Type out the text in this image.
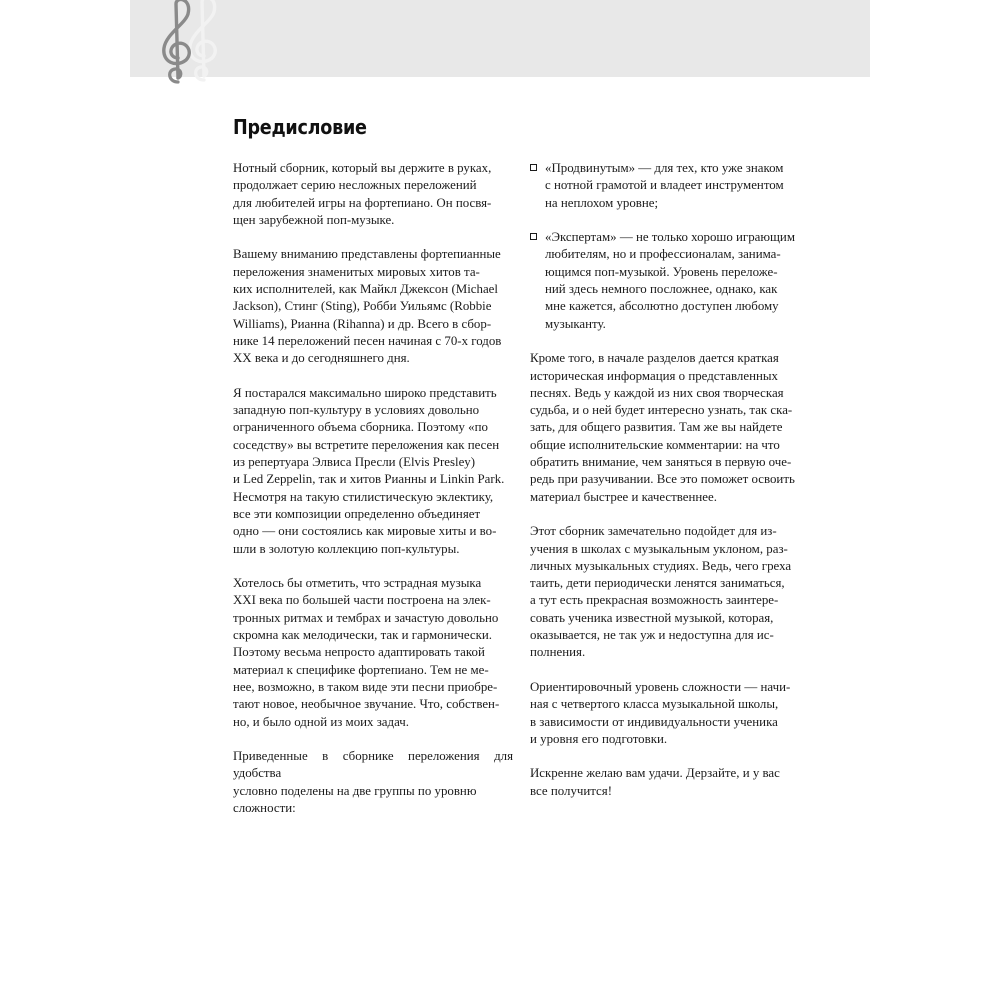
Предисловие

Нотный сборник, который вы держите в руках,
продолжает серию несложных переложений
для любителей игры на фортепиано. Он посвя-
щен зарубежной поп-музыке.

Вашему вниманию представлены фортепианные
переложения знаменитых мировых хитов та-
ких исполнителей, как Майкл Джексон (Michael
Jackson), Стинг (Sting), Робби Уильямс (Robbie
Williams), Рианна (Rihanna) и др. Всего в сбор-
нике 14 переложений песен начиная с 70-х годов
XX века и до сегодняшнего дня.

Я постарался максимально широко представить
западную поп-культуру в условиях довольно
ограниченного объема сборника. Поэтому «по
соседству» вы встретите переложения как песен
из репертуара Элвиса Пресли (Elvis Presley)
и Led Zeppelin, так и хитов Рианны и Linkin Park.
Несмотря на такую стилистическую эклектику,
все эти композиции определенно объединяет
одно — они состоялись как мировые хиты и во-
шли в золотую коллекцию поп-культуры.

Хотелось бы отметить, что эстрадная музыка
XXI века по большей части построена на элек-
тронных ритмах и тембрах и зачастую довольно
скромна как мелодически, так и гармонически.
Поэтому весьма непросто адаптировать такой
материал к специфике фортепиано. Тем не ме-
нее, возможно, в таком виде эти песни приобре-
тают новое, необычное звучание. Что, собствен-
но, и было одной из моих задач.

Приведенные в сборнике переложения для удобства
условно поделены на две группы по уровню
сложности:

«Продвинутым» — для тех, кто уже знаком
с нотной грамотой и владеет инструментом
на неплохом уровне;

«Экспертам» — не только хорошо играющим
любителям, но и профессионалам, занима-
ющимся поп-музыкой. Уровень переложе-
ний здесь немного посложнее, однако, как
мне кажется, абсолютно доступен любому
музыканту.

Кроме того, в начале разделов дается краткая
историческая информация о представленных
песнях. Ведь у каждой из них своя творческая
судьба, и о ней будет интересно узнать, так ска-
зать, для общего развития. Там же вы найдете
общие исполнительские комментарии: на что
обратить внимание, чем заняться в первую оче-
редь при разучивании. Все это поможет освоить
материал быстрее и качественнее.

Этот сборник замечательно подойдет для из-
учения в школах с музыкальным уклоном, раз-
личных музыкальных студиях. Ведь, чего греха
таить, дети периодически ленятся заниматься,
а тут есть прекрасная возможность заинтере-
совать ученика известной музыкой, которая,
оказывается, не так уж и недоступна для ис-
полнения.

Ориентировочный уровень сложности — начи-
ная с четвертого класса музыкальной школы,
в зависимости от индивидуальности ученика
и уровня его подготовки.

Искренне желаю вам удачи. Дерзайте, и у вас
все получится!
